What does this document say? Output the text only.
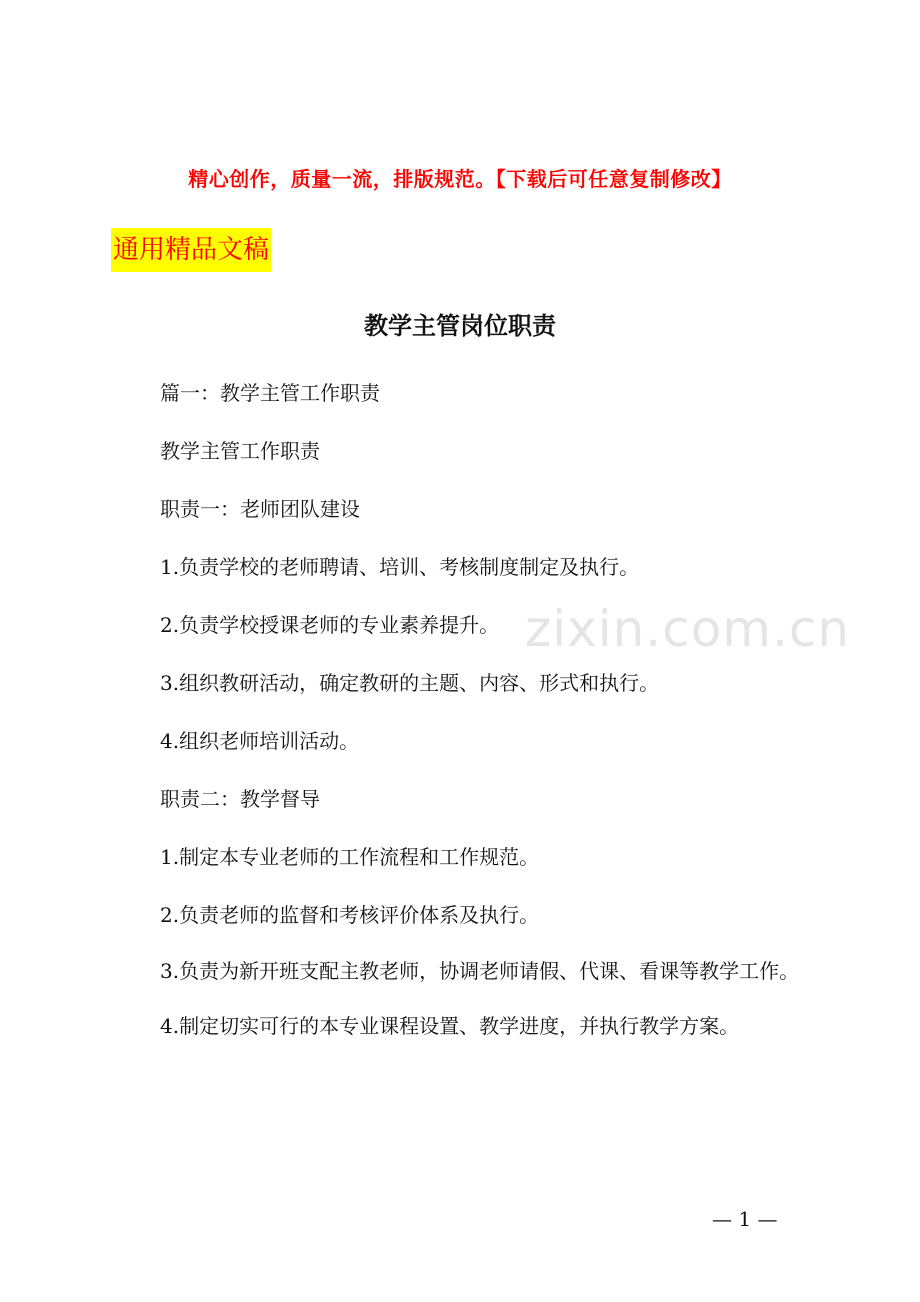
精心创作，质量一流，排版规范。【下载后可任意复制修改】
通用精品文稿
教学主管岗位职责
zixin.com.cn

篇一：教学主管工作职责

教学主管工作职责

职责一：老师团队建设

1.负责学校的老师聘请、培训、考核制度制定及执行。

2.负责学校授课老师的专业素养提升。

3.组织教研活动，确定教研的主题、内容、形式和执行。

4.组织老师培训活动。

职责二：教学督导

1.制定本专业老师的工作流程和工作规范。

2.负责老师的监督和考核评价体系及执行。

3.负责为新开班支配主教老师，协调老师请假、代课、看课等教学工作。

4.制定切实可行的本专业课程设置、教学进度，并执行教学方案。

— 1 —
